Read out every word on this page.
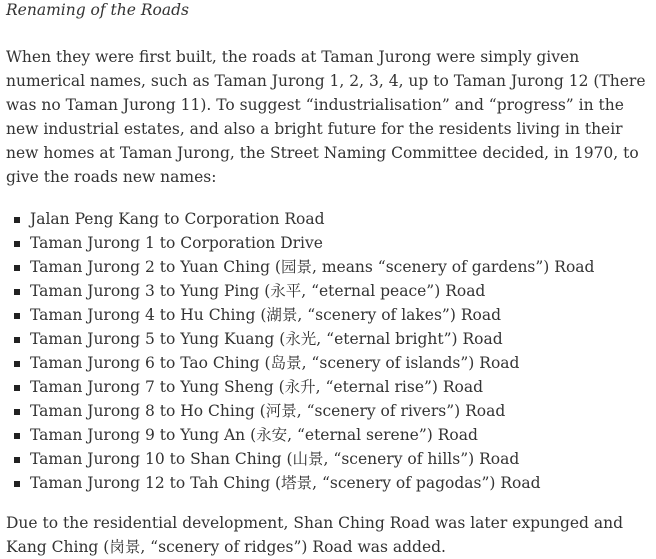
Renaming of the Roads

When they were first built, the roads at Taman Jurong were simply given numerical names, such as Taman Jurong 1, 2, 3, 4, up to Taman Jurong 12 (There was no Taman Jurong 11). To suggest “industrialisation” and “progress” in the new industrial estates, and also a bright future for the residents living in their new homes at Taman Jurong, the Street Naming Committee decided, in 1970, to give the roads new names:

Jalan Peng Kang to Corporation Road
Taman Jurong 1 to Corporation Drive
Taman Jurong 2 to Yuan Ching (园景, means “scenery of gardens”) Road
Taman Jurong 3 to Yung Ping (永平, “eternal peace”) Road
Taman Jurong 4 to Hu Ching (湖景, “scenery of lakes”) Road
Taman Jurong 5 to Yung Kuang (永光, “eternal bright”) Road
Taman Jurong 6 to Tao Ching (岛景, “scenery of islands”) Road
Taman Jurong 7 to Yung Sheng (永升, “eternal rise”) Road
Taman Jurong 8 to Ho Ching (河景, “scenery of rivers”) Road
Taman Jurong 9 to Yung An (永安, “eternal serene”) Road
Taman Jurong 10 to Shan Ching (山景, “scenery of hills”) Road
Taman Jurong 12 to Tah Ching (塔景, “scenery of pagodas”) Road

Due to the residential development, Shan Ching Road was later expunged and Kang Ching (岗景, “scenery of ridges”) Road was added.
